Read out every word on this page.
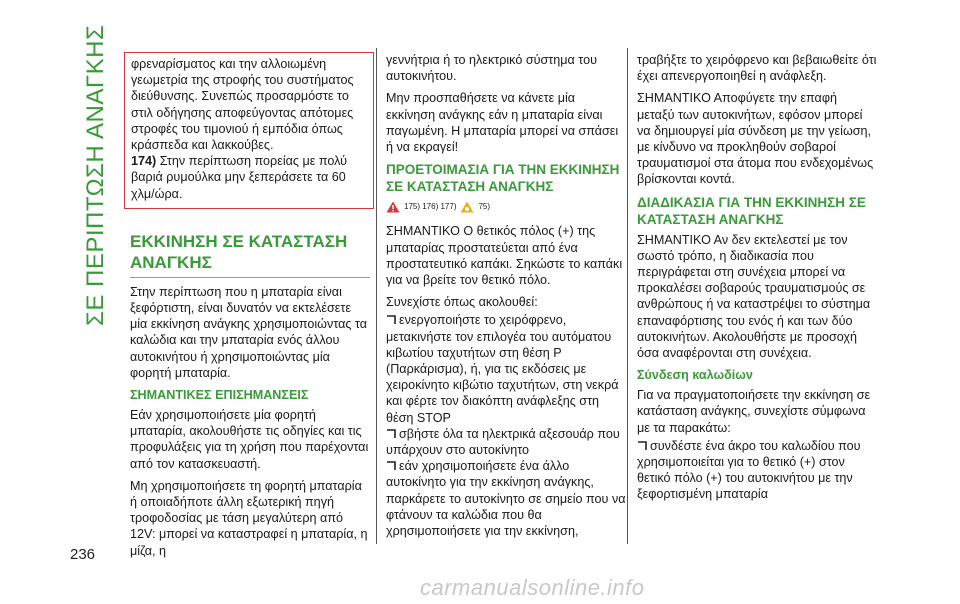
ΣΕ ΠΕΡΙΠΤΩΣΗ ΑΝΑΓΚΗΣ
236

φρεναρίσματος και την αλλοιωμένη γεωμετρία της στροφής του συστήματος διεύθυνσης. Συνεπώς προσαρμόστε το στιλ οδήγησης αποφεύγοντας απότομες στροφές του τιμονιού ή εμπόδια όπως κράσπεδα και λακκούβες.

174) Στην περίπτωση πορείας με πολύ βαριά ρυμούλκα μην ξεπεράσετε τα 60 χλμ/ώρα.

ΕΚΚΙΝΗΣΗ ΣΕ ΚΑΤΑΣΤΑΣΗ ΑΝΑΓΚΗΣ

Στην περίπτωση που η μπαταρία είναι ξεφόρτιστη, είναι δυνατόν να εκτελέσετε μία εκκίνηση ανάγκης χρησιμοποιώντας τα καλώδια και την μπαταρία ενός άλλου αυτοκινήτου ή χρησιμοποιώντας μία φορητή μπαταρία.

ΣΗΜΑΝΤΙΚΕΣ ΕΠΙΣΗΜΑΝΣΕΙΣ

Εάν χρησιμοποιήσετε μία φορητή μπαταρία, ακολουθήστε τις οδηγίες και τις προφυλάξεις για τη χρήση που παρέχονται από τον κατασκευαστή.

Μη χρησιμοποιήσετε τη φορητή μπαταρία ή οποιαδήποτε άλλη εξωτερική πηγή τροφοδοσίας με τάση μεγαλύτερη από 12V: μπορεί να καταστραφεί η μπαταρία, η μίζα, η

γεννήτρια ή το ηλεκτρικό σύστημα του αυτοκινήτου.

Μην προσπαθήσετε να κάνετε μία εκκίνηση ανάγκης εάν η μπαταρία είναι παγωμένη. Η μπαταρία μπορεί να σπάσει ή να εκραγεί!

ΠΡΟΕΤΟΙΜΑΣΙΑ ΓΙΑ ΤΗΝ ΕΚΚΙΝΗΣΗ ΣΕ ΚΑΤΑΣΤΑΣΗ ΑΝΑΓΚΗΣ
175) 176) 177)	75)

ΣΗΜΑΝΤΙΚΟ Ο θετικός πόλος (+) της μπαταρίας προστατεύεται από ένα προστατευτικό καπάκι. Σηκώστε το καπάκι για να βρείτε τον θετικό πόλο.

Συνεχίστε όπως ακολουθεί:

ενεργοποιήστε το χειρόφρενο, μετακινήστε τον επιλογέα του αυτόματου κιβωτίου ταχυτήτων στη θέση P (Παρκάρισμα), ή, για τις εκδόσεις με χειροκίνητο κιβώτιο ταχυτήτων, στη νεκρά και φέρτε τον διακόπτη ανάφλεξης στη θέση STOP

σβήστε όλα τα ηλεκτρικά αξεσουάρ που υπάρχουν στο αυτοκίνητο

εάν χρησιμοποιήσετε ένα άλλο αυτοκίνητο για την εκκίνηση ανάγκης, παρκάρετε το αυτοκίνητο σε σημείο που να φτάνουν τα καλώδια που θα χρησιμοποιήσετε για την εκκίνηση,

τραβήξτε το χειρόφρενο και βεβαιωθείτε ότι έχει απενεργοποιηθεί η ανάφλεξη.

ΣΗΜΑΝΤΙΚΟ Αποφύγετε την επαφή μεταξύ των αυτοκινήτων, εφόσον μπορεί να δημιουργεί μία σύνδεση με την γείωση, με κίνδυνο να προκληθούν σοβαροί τραυματισμοί στα άτομα που ενδεχομένως βρίσκονται κοντά.

ΔΙΑΔΙΚΑΣΙΑ ΓΙΑ ΤΗΝ ΕΚΚΙΝΗΣΗ ΣΕ ΚΑΤΑΣΤΑΣΗ ΑΝΑΓΚΗΣ

ΣΗΜΑΝΤΙΚΟ Αν δεν εκτελεστεί με τον σωστό τρόπο, η διαδικασία που περιγράφεται στη συνέχεια μπορεί να προκαλέσει σοβαρούς τραυματισμούς σε ανθρώπους ή να καταστρέψει το σύστημα επαναφόρτισης του ενός ή και των δύο αυτοκινήτων. Ακολουθήστε με προσοχή όσα αναφέρονται στη συνέχεια.

Σύνδεση καλωδίων

Για να πραγματοποιήσετε την εκκίνηση σε κατάσταση ανάγκης, συνεχίστε σύμφωνα με τα παρακάτω:

συνδέστε ένα άκρο του καλωδίου που χρησιμοποιείται για το θετικό (+) στον θετικό πόλο (+) του αυτοκινήτου με την ξεφορτισμένη μπαταρία

carmanualsonline.info
